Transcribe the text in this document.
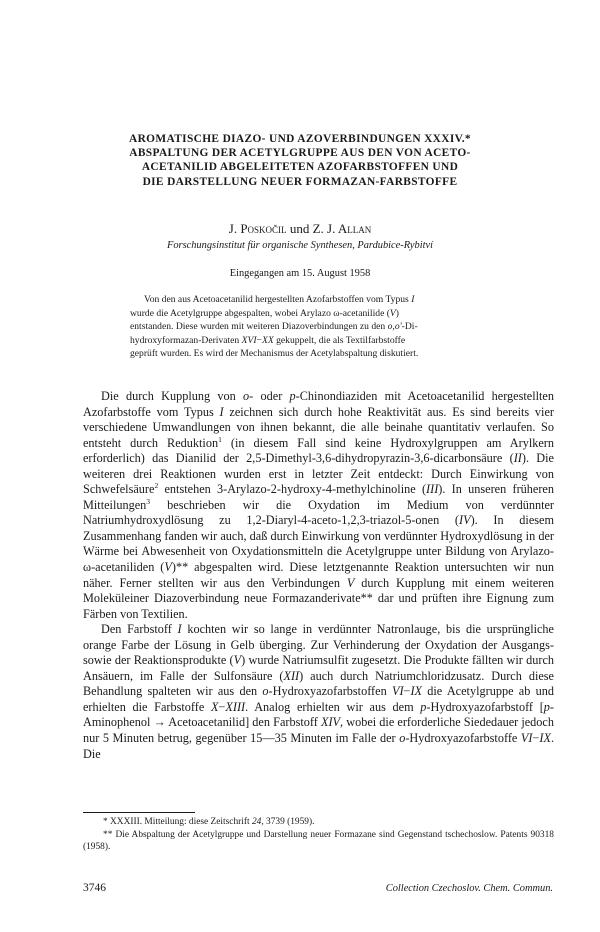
AROMATISCHE DIAZO- UND AZOVERBINDUNGEN XXXIV.*
ABSPALTUNG DER ACETYLGRUPPE AUS DEN VON ACETO-
ACETANILID ABGELEITETEN AZOFARBSTOFFEN UND
DIE DARSTELLUNG NEUER FORMAZAN-FARBSTOFFE
J. Poskočil und Z. J. Allan
Forschungsinstitut für organische Synthesen, Pardubice-Rybitví
Eingegangen am 15. August 1958
Von den aus Acetoacetanilid hergestellten Azofarbstoffen vom Typus I
wurde die Acetylgruppe abgespalten, wobei Arylazo ω-acetanilide (V)
entstanden. Diese wurden mit weiteren Diazoverbindungen zu den o,o'-Di-
hydroxyformazan-Derivaten XVI−XX gekuppelt, die als Textilfarbstoffe
geprüft wurden. Es wird der Mechanismus der Acetylabspaltung diskutiert.

Die durch Kupplung von o- oder p-Chinondiaziden mit Acetoacetanilid hergestellten Azofarbstoffe vom Typus I zeichnen sich durch hohe Reaktivität aus. Es sind bereits vier verschiedene Umwandlungen von ihnen bekannt, die alle beinahe quantitativ verlaufen. So entsteht durch Reduktion$^1$ (in diesem Fall sind keine Hydroxylgruppen am Arylkern erforderlich) das Dianilid der 2,5-Dimethyl-3,6-dihydropyrazin-3,6-dicarbonsäure (II). Die weiteren drei Reaktionen wurden erst in letzter Zeit entdeckt: Durch Einwirkung von Schwefelsäure$^2$ entstehen 3-Arylazo-2-hydroxy-4-methylchinoline (III). In unseren früheren Mitteilungen$^3$ beschrieben wir die Oxydation im Medium von verdünnter Natriumhydroxydlösung zu 1,2-Diaryl-4-aceto-1,2,3-triazol-5-onen (IV). In diesem Zusammenhang fanden wir auch, daß durch Einwirkung von verdünnter Hydroxydlösung in der Wärme bei Abwesenheit von Oxydationsmitteln die Acetylgruppe unter Bildung von Arylazo-ω-acetaniliden (V)** abgespalten wird. Diese letztgenannte Reaktion untersuchten wir nun näher. Ferner stellten wir aus den Verbindungen V durch Kupplung mit einem weiteren Moleküleiner Diazoverbindung neue Formazanderivate** dar und prüften ihre Eignung zum Färben von Textilien.

Den Farbstoff I kochten wir so lange in verdünnter Natronlauge, bis die ursprüngliche orange Farbe der Lösung in Gelb überging. Zur Verhinderung der Oxydation der Ausgangs- sowie der Reaktionsprodukte (V) wurde Natriumsulfit zugesetzt. Die Produkte fällten wir durch Ansäuern, im Falle der Sulfonsäure (XII) auch durch Natriumchloridzusatz. Durch diese Behandlung spalteten wir aus den o-Hydroxyazofarbstoffen VI−IX die Acetylgruppe ab und erhielten die Farbstoffe X−XIII. Analog erhielten wir aus dem p-Hydroxyazofarbstoff [p-Aminophenol → Acetoacetanilid] den Farbstoff XIV, wobei die erforderliche Siededauer jedoch nur 5 Minuten betrug, gegenüber 15—35 Minuten im Falle der o-Hydroxyazofarbstoffe VI−IX. Die

* XXXIII. Mitteilung: diese Zeitschrift 24, 3739 (1959).

** Die Abspaltung der Acetylgruppe und Darstellung neuer Formazane sind Gegenstand tschechoslow. Patents 90318 (1958).

3746	Collection Czechoslov. Chem. Commun.
